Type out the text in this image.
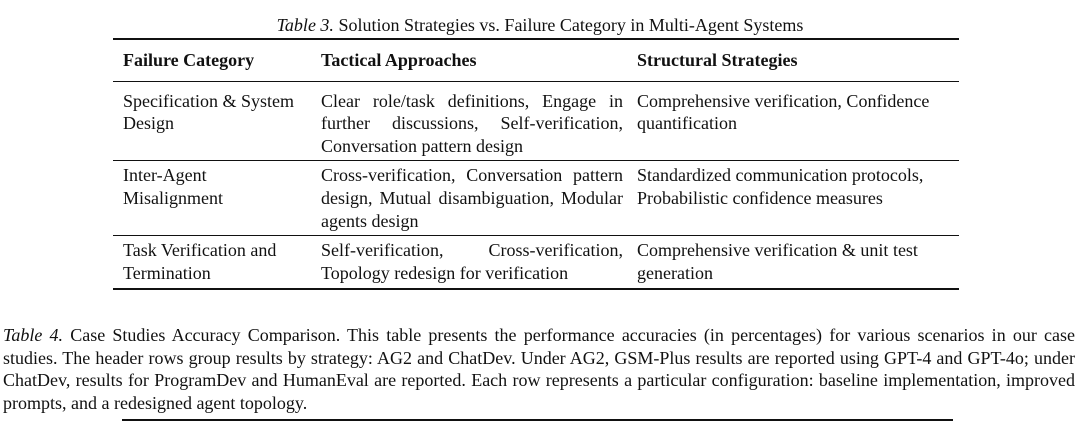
Table 3. Solution Strategies vs. Failure Category in Multi-Agent Systems
Failure Category	Tactical Approaches	Structural Strategies
Specification & System Design	Clear role/task definitions, Engage in further discussions, Self-verification, Conversation pattern design	Comprehensive verification, Confidence quantification
Inter-Agent Misalignment	Cross-verification, Conversation pattern design, Mutual disambiguation, Modular agents design	Standardized communication protocols, Probabilistic confidence measures
Task Verification and Termination	Self-verification, Cross-verification, Topology redesign for verification	Comprehensive verification & unit test generation

Table 4. Case Studies Accuracy Comparison. This table presents the performance accuracies (in percentages) for various scenarios in our case studies. The header rows group results by strategy: AG2 and ChatDev. Under AG2, GSM-Plus results are reported using GPT-4 and GPT-4o; under ChatDev, results for ProgramDev and HumanEval are reported. Each row represents a particular configuration: baseline implementation, improved prompts, and a redesigned agent topology.
